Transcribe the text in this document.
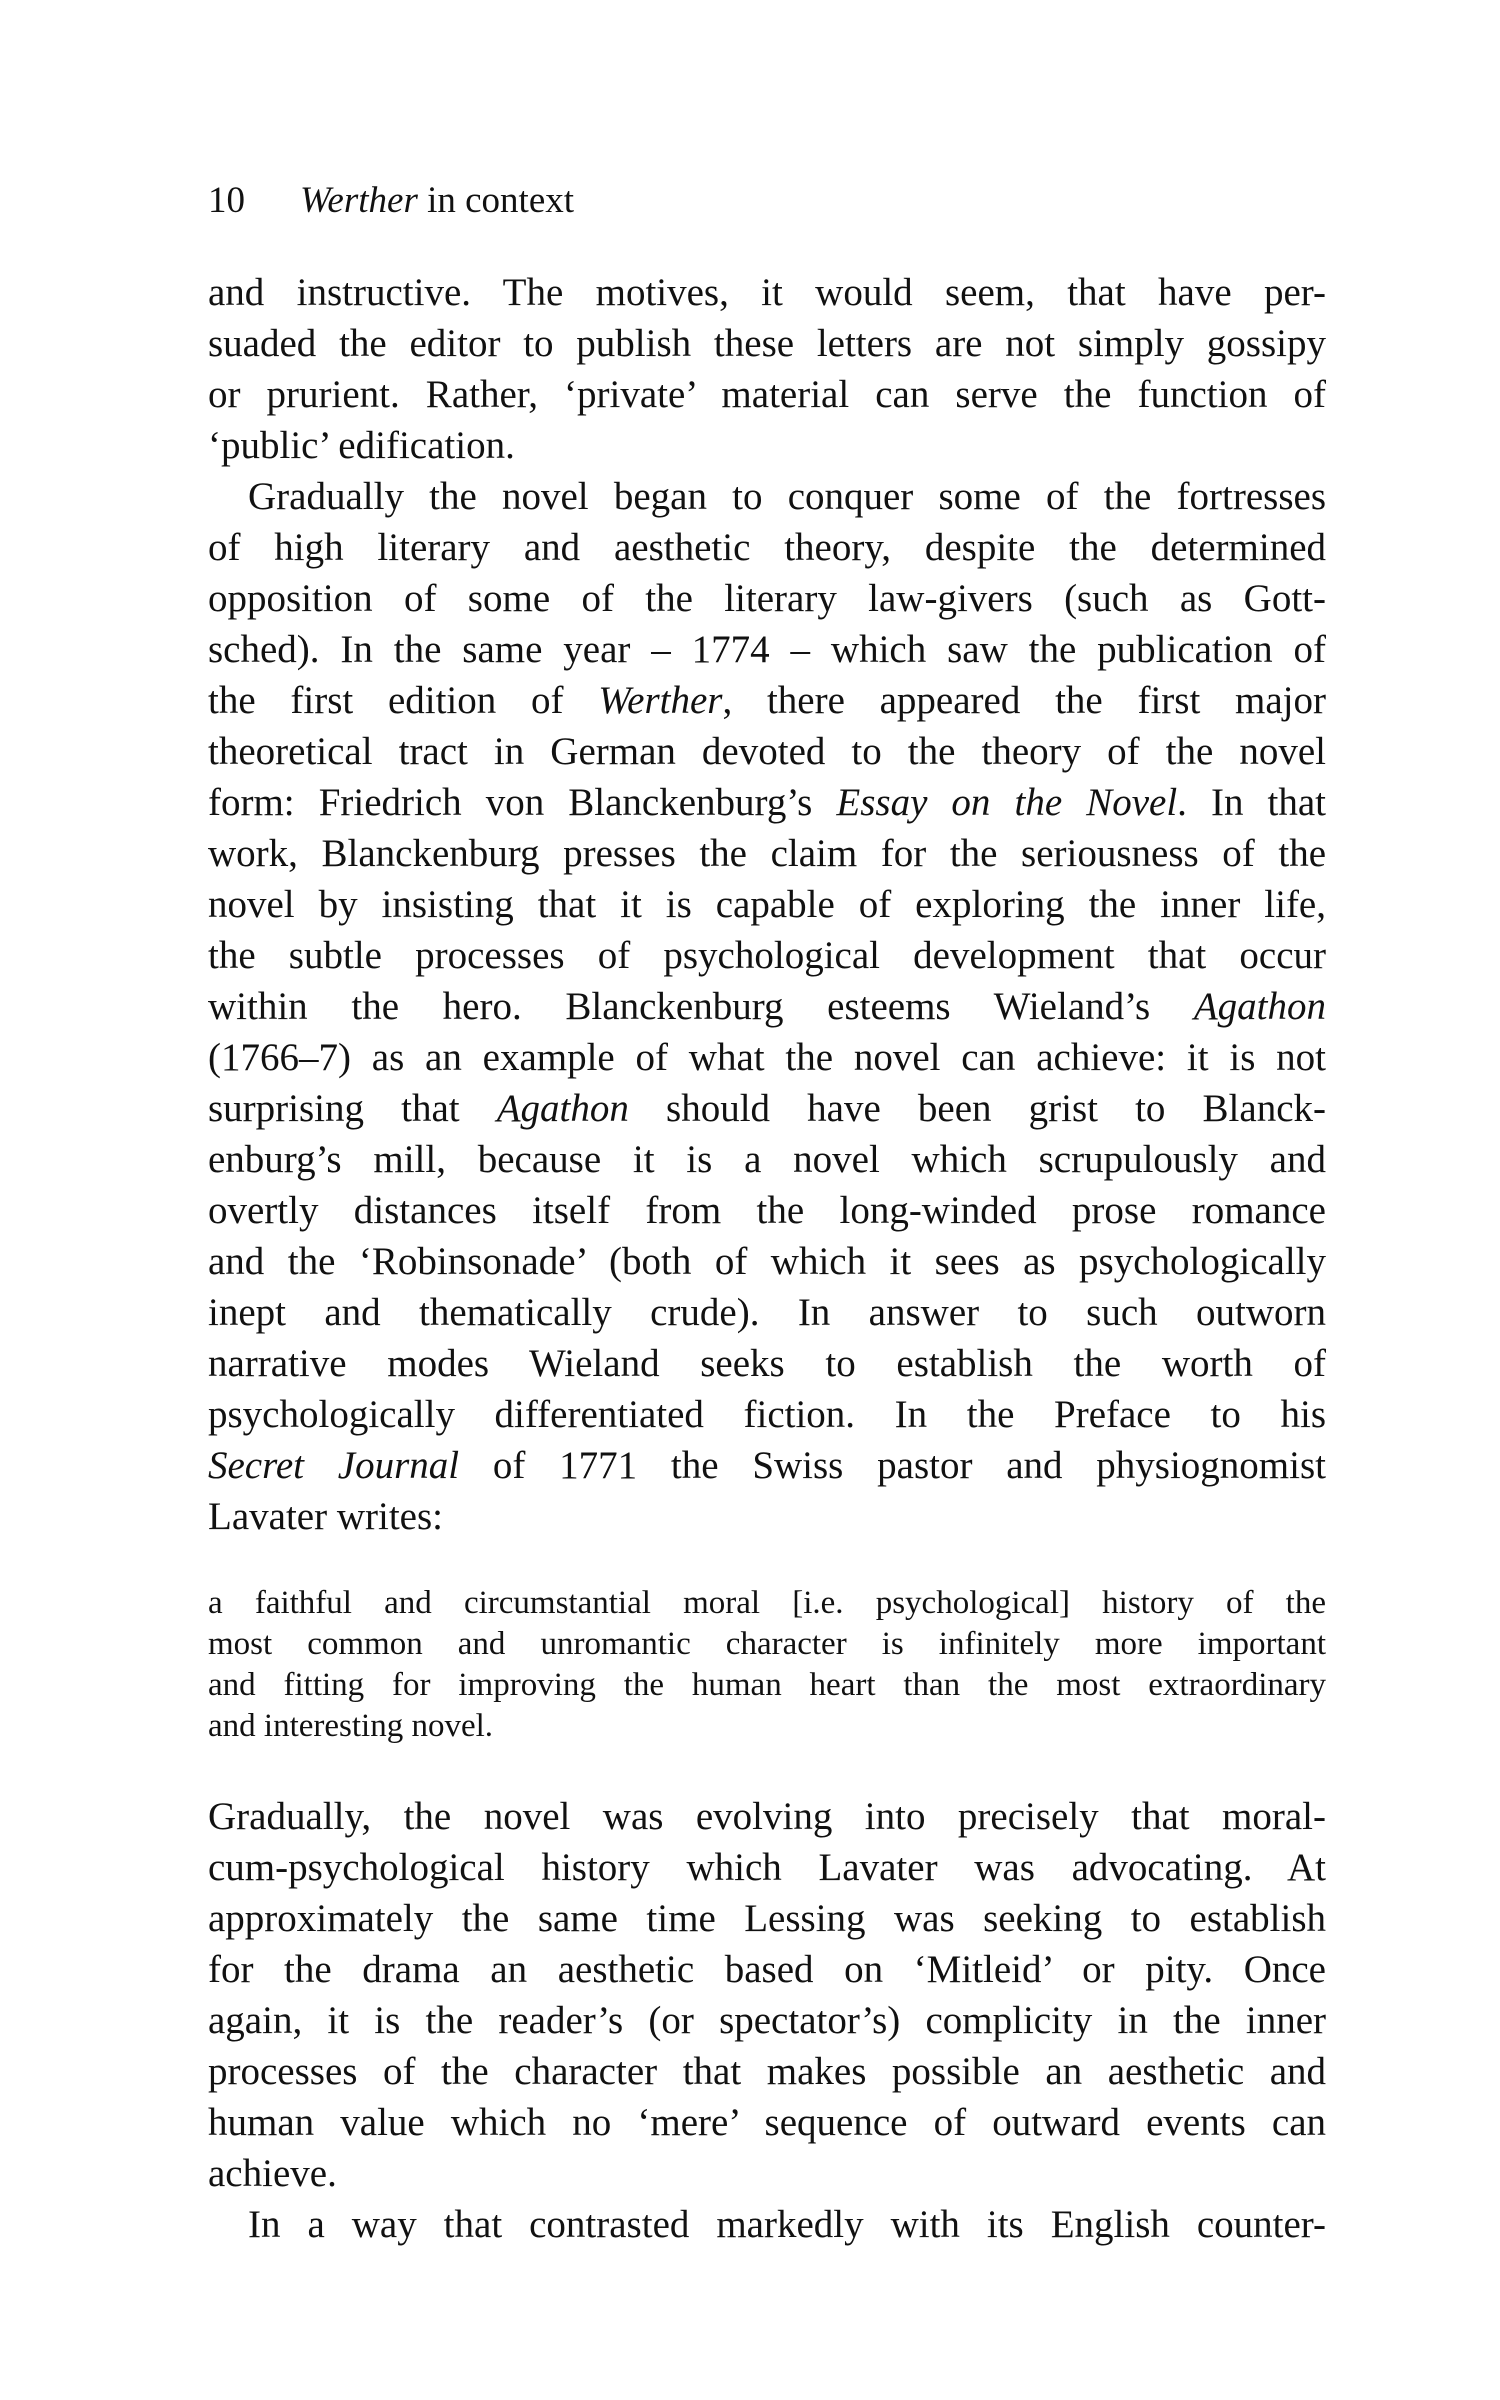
10 Werther in context
and instructive. The motives, it would seem, that have per-
suaded the editor to publish these letters are not simply gossipy
or prurient. Rather, ‘private’ material can serve the function of
‘public’ edification.
Gradually the novel began to conquer some of the fortresses
of high literary and aesthetic theory, despite the determined
opposition of some of the literary law-givers (such as Gott-
sched). In the same year – 1774 – which saw the publication of
the first edition of Werther, there appeared the first major
theoretical tract in German devoted to the theory of the novel
form: Friedrich von Blanckenburg’s Essay on the Novel. In that
work, Blanckenburg presses the claim for the seriousness of the
novel by insisting that it is capable of exploring the inner life,
the subtle processes of psychological development that occur
within the hero. Blanckenburg esteems Wieland’s Agathon
(1766–7) as an example of what the novel can achieve: it is not
surprising that Agathon should have been grist to Blanck-
enburg’s mill, because it is a novel which scrupulously and
overtly distances itself from the long-winded prose romance
and the ‘Robinsonade’ (both of which it sees as psychologically
inept and thematically crude). In answer to such outworn
narrative modes Wieland seeks to establish the worth of
psychologically differentiated fiction. In the Preface to his
Secret Journal of 1771 the Swiss pastor and physiognomist
Lavater writes:
a faithful and circumstantial moral [i.e. psychological] history of the
most common and unromantic character is infinitely more important
and fitting for improving the human heart than the most extraordinary
and interesting novel.
Gradually, the novel was evolving into precisely that moral-
cum-psychological history which Lavater was advocating. At
approximately the same time Lessing was seeking to establish
for the drama an aesthetic based on ‘Mitleid’ or pity. Once
again, it is the reader’s (or spectator’s) complicity in the inner
processes of the character that makes possible an aesthetic and
human value which no ‘mere’ sequence of outward events can
achieve.
In a way that contrasted markedly with its English counter-
